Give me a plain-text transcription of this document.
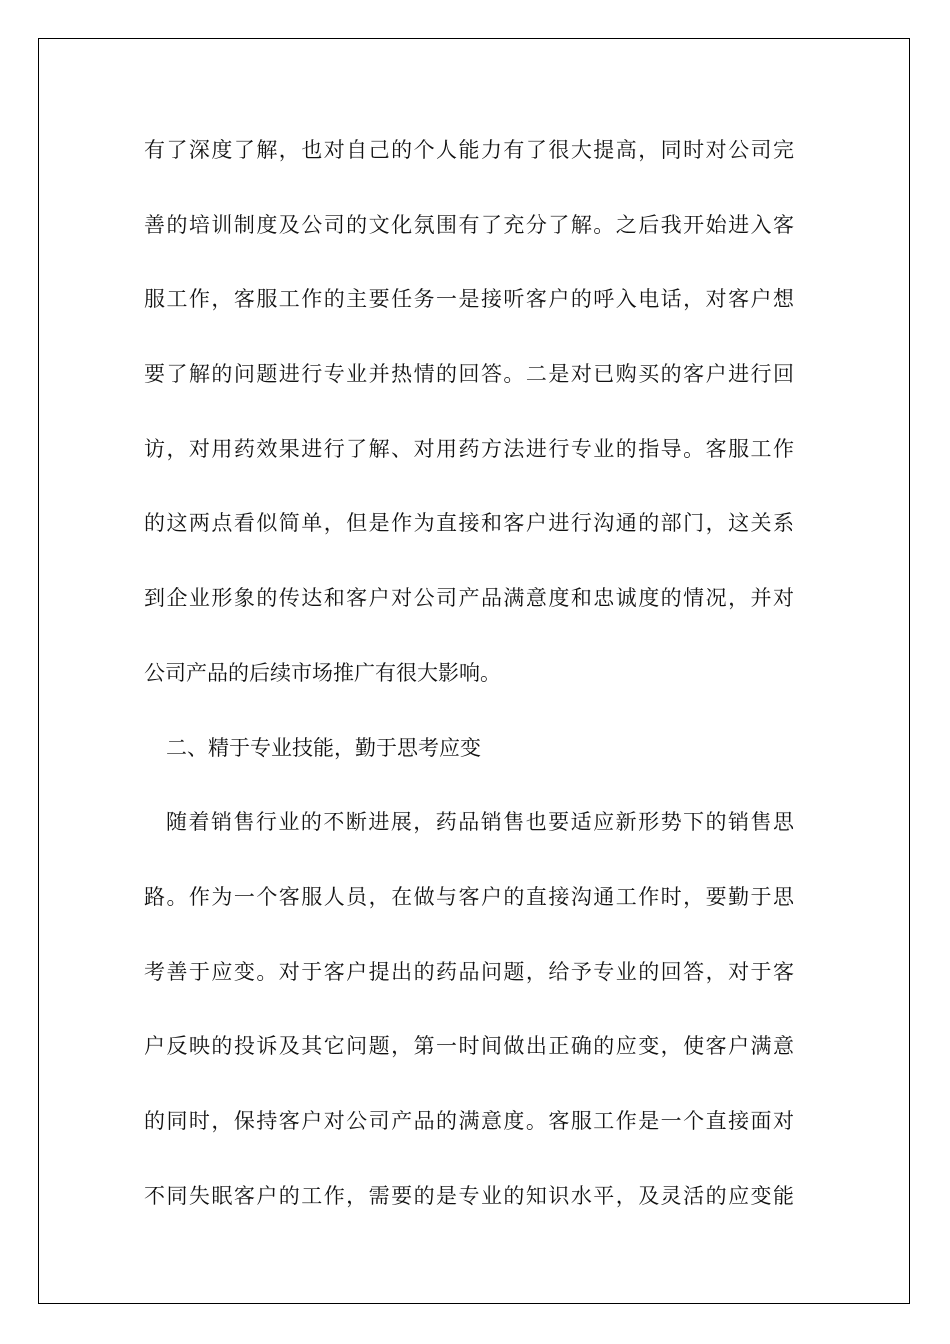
有了深度了解，也对自己的个人能力有了很大提高，同时对公司完
善的培训制度及公司的文化氛围有了充分了解。之后我开始进入客
服工作，客服工作的主要任务一是接听客户的呼入电话，对客户想
要了解的问题进行专业并热情的回答。二是对已购买的客户进行回
访，对用药效果进行了解、对用药方法进行专业的指导。客服工作
的这两点看似简单，但是作为直接和客户进行沟通的部门，这关系
到企业形象的传达和客户对公司产品满意度和忠诚度的情况，并对
公司产品的后续市场推广有很大影响。
二、精于专业技能，勤于思考应变
随着销售行业的不断进展，药品销售也要适应新形势下的销售思
路。作为一个客服人员，在做与客户的直接沟通工作时，要勤于思
考善于应变。对于客户提出的药品问题，给予专业的回答，对于客
户反映的投诉及其它问题，第一时间做出正确的应变，使客户满意
的同时，保持客户对公司产品的满意度。客服工作是一个直接面对
不同失眠客户的工作，需要的是专业的知识水平，及灵活的应变能
